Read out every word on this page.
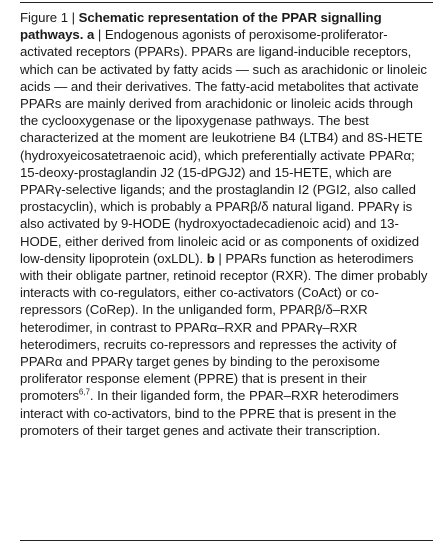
Figure 1 | Schematic representation of the PPAR signalling pathways. a | Endogenous agonists of peroxisome-proliferator-activated receptors (PPARs). PPARs are ligand-inducible receptors, which can be activated by fatty acids — such as arachidonic or linoleic acids — and their derivatives. The fatty-acid metabolites that activate PPARs are mainly derived from arachidonic or linoleic acids through the cyclooxygenase or the lipoxygenase pathways. The best characterized at the moment are leukotriene B4 (LTB4) and 8S-HETE (hydroxyeicosatetraenoic acid), which preferentially activate PPARα; 15-deoxy-prostaglandin J2 (15-dPGJ2) and 15-HETE, which are PPARγ-selective ligands; and the prostaglandin I2 (PGI2, also called prostacyclin), which is probably a PPARβ/δ natural ligand. PPARγ is also activated by 9-HODE (hydroxyoctadecadienoic acid) and 13-HODE, either derived from linoleic acid or as components of oxidized low-density lipoprotein (oxLDL). b | PPARs function as heterodimers with their obligate partner, retinoid receptor (RXR). The dimer probably interacts with co-regulators, either co-activators (CoAct) or co-repressors (CoRep). In the unliganded form, PPARβ/δ–RXR heterodimer, in contrast to PPARα–RXR and PPARγ–RXR heterodimers, recruits co-repressors and represses the activity of PPARα and PPARγ target genes by binding to the peroxisome proliferator response element (PPRE) that is present in their promoters$^{6,7}$. In their liganded form, the PPAR–RXR heterodimers interact with co-activators, bind to the PPRE that is present in the promoters of their target genes and activate their transcription.
